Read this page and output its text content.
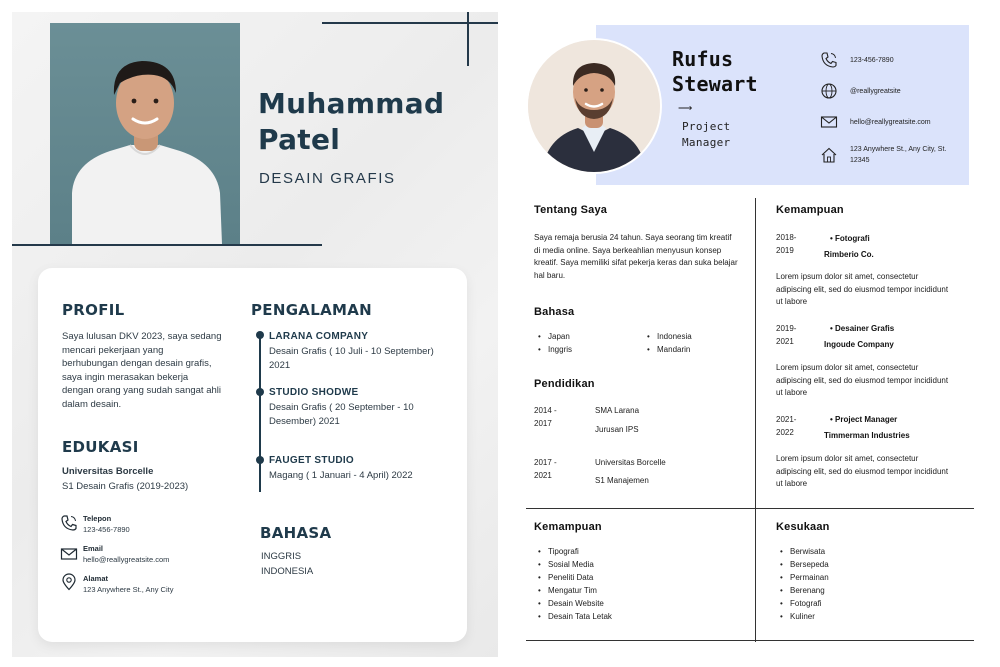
Muhammad
Patel
DESAIN GRAFIS
PROFIL
Saya lulusan DKV 2023, saya sedang mencari pekerjaan yang berhubungan dengan desain grafis, saya ingin merasakan bekerja dengan orang yang sudah sangat ahli dalam desain.
EDUKASI
Universitas Borcelle
S1 Desain Grafis (2019-2023)
Telepon
123-456-7890
Email
hello@reallygreatsite.com
Alamat
123 Anywhere St., Any City
PENGALAMAN
LARANA COMPANY
Desain Grafis ( 10 Juli - 10 September) 2021
STUDIO SHODWE
Desain Grafis ( 20 September - 10 Desember) 2021
FAUGET STUDIO
Magang ( 1 Januari - 4 April) 2022
BAHASA
INGGRIS
INDONESIA
Rufus
Stewart
⟶
Project
Manager
123-456-7890
@reallygreatsite
hello@reallygreatsite.com
123 Anywhere St., Any City, St. 12345
Tentang Saya
Saya remaja berusia 24 tahun. Saya seorang tim kreatif di media online. Saya berkeahlian menyusun konsep kreatif. Saya memiliki sifat pekerja keras dan suka belajar hal baru.
Bahasa
• Japan
• Inggris
• Indonesia
• Mandarin
Pendidikan
2014 - 2017
SMA Larana
Jurusan IPS
2017 - 2021
Universitas Borcelle
S1 Manajemen
Kemampuan
2018- 2019
• Fotografi
Rimberio Co.
Lorem ipsum dolor sit amet, consectetur adipiscing elit, sed do eiusmod tempor incididunt ut labore
2019- 2021
• Desainer Grafis
Ingoude Company
Lorem ipsum dolor sit amet, consectetur adipiscing elit, sed do eiusmod tempor incididunt ut labore
2021- 2022
• Project Manager
Timmerman Industries
Lorem ipsum dolor sit amet, consectetur adipiscing elit, sed do eiusmod tempor incididunt ut labore
Kemampuan
• Tipografi
• Sosial Media
• Peneliti Data
• Mengatur Tim
• Desain Website
• Desain Tata Letak
Kesukaan
• Berwisata
• Bersepeda
• Permainan
• Berenang
• Fotografi
• Kuliner
